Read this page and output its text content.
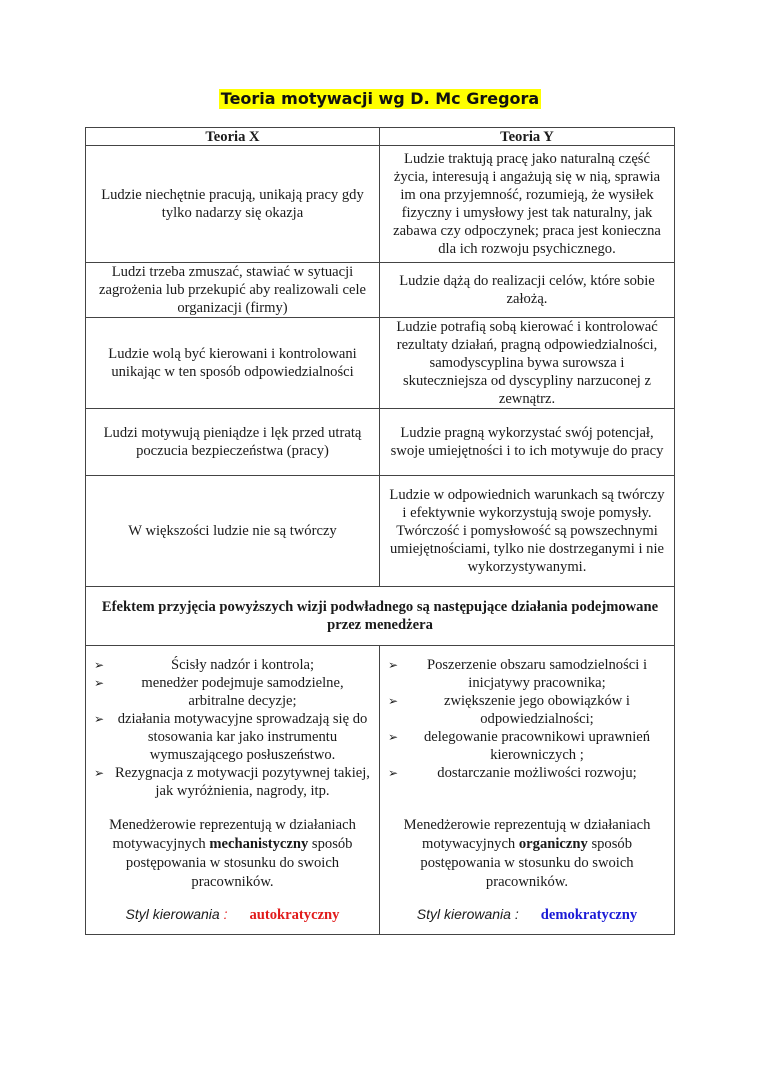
Teoria motywacji wg D. Mc Gregora
Teoria X	Teoria Y
Ludzie niechętnie pracują, unikają pracy gdy tylko nadarzy się okazja	Ludzie traktują pracę jako naturalną część życia, interesują i angażują się w nią, sprawia im ona przyjemność, rozumieją, że wysiłek fizyczny i umysłowy jest tak naturalny, jak zabawa czy odpoczynek; praca jest konieczna dla ich rozwoju psychicznego.
Ludzi trzeba zmuszać, stawiać w sytuacji zagrożenia lub przekupić aby realizowali cele organizacji (firmy)	Ludzie dążą do realizacji celów, które sobie założą.
Ludzie wolą być kierowani i kontrolowani unikając w ten sposób odpowiedzialności	Ludzie potrafią sobą kierować i kontrolować rezultaty działań, pragną odpowiedzialności, samodyscyplina bywa surowsza i skuteczniejsza od dyscypliny narzuconej z zewnątrz.
Ludzi motywują pieniądze i lęk przed utratą poczucia bezpieczeństwa (pracy)	Ludzie pragną wykorzystać swój potencjał, swoje umiejętności i to ich motywuje do pracy
W większości ludzie nie są twórczy	Ludzie w odpowiednich warunkach są twórczy i efektywnie wykorzystują swoje pomysły. Twórczość i pomysłowość są powszechnymi umiejętnościami, tylko nie dostrzeganymi i nie wykorzystywanymi.
Efektem przyjęcia powyższych wizji podwładnego są następujące działania podejmowane przez menedżera	

➢	Ścisły nadzór i kontrola;
➢	menedżer podejmuje samodzielne, arbitralne decyzje;
➢ działania motywacyjne sprowadzają się do stosowania kar jako instrumentu wymuszającego posłuszeństwo.
➢ Rezygnacja z motywacji pozytywnej takiej, jak wyróżnienia, nagrody, itp.
Menedżerowie reprezentują w działaniach motywacyjnych mechanistyczny sposób postępowania w stosunku do swoich pracowników.
Styl kierowania : autokratyczny

➢ Poszerzenie obszaru samodzielności i inicjatywy pracownika;
➢	zwiększenie jego obowiązków i odpowiedzialności;
➢ delegowanie pracownikowi uprawnień kierowniczych ;
➢	dostarczanie możliwości rozwoju;
Menedżerowie reprezentują w działaniach motywacyjnych organiczny sposób postępowania w stosunku do swoich pracowników.
Styl kierowania : demokratyczny
